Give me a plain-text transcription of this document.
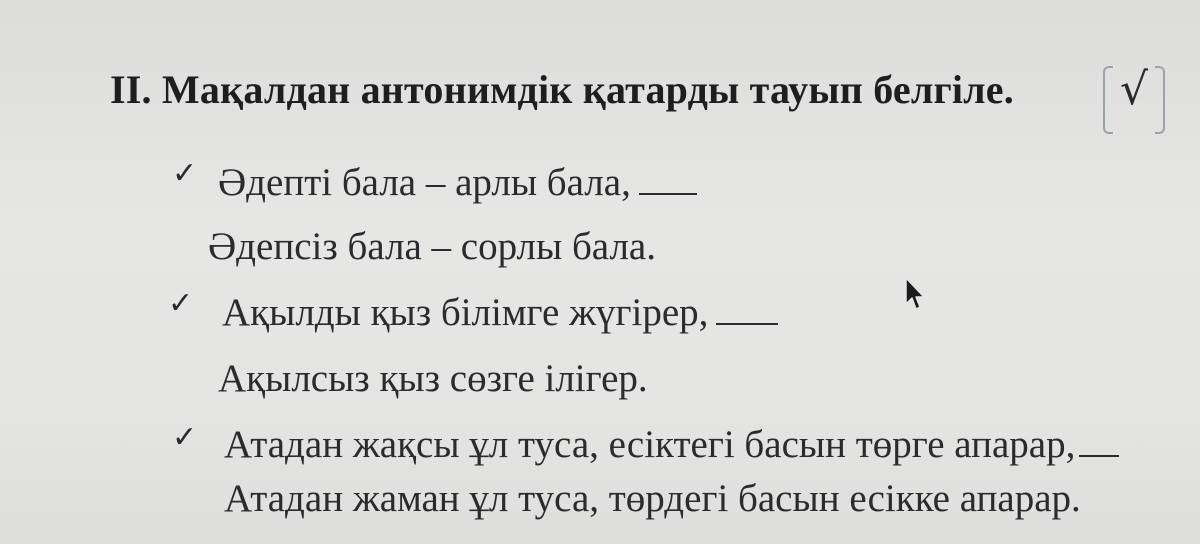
II. Мақалдан антонимдік қатарды тауып белгіле. √
✓ Әдепті бала – арлы бала,
Әдепсіз бала – сорлы бала.
✓ Ақылды қыз білімге жүгірер,
Ақылсыз қыз сөзге ілігер.
✓ Атадан жақсы ұл туса, есіктегі басын төрге апарар,
Атадан жаман ұл туса, төрдегі басын есікке апарар.
